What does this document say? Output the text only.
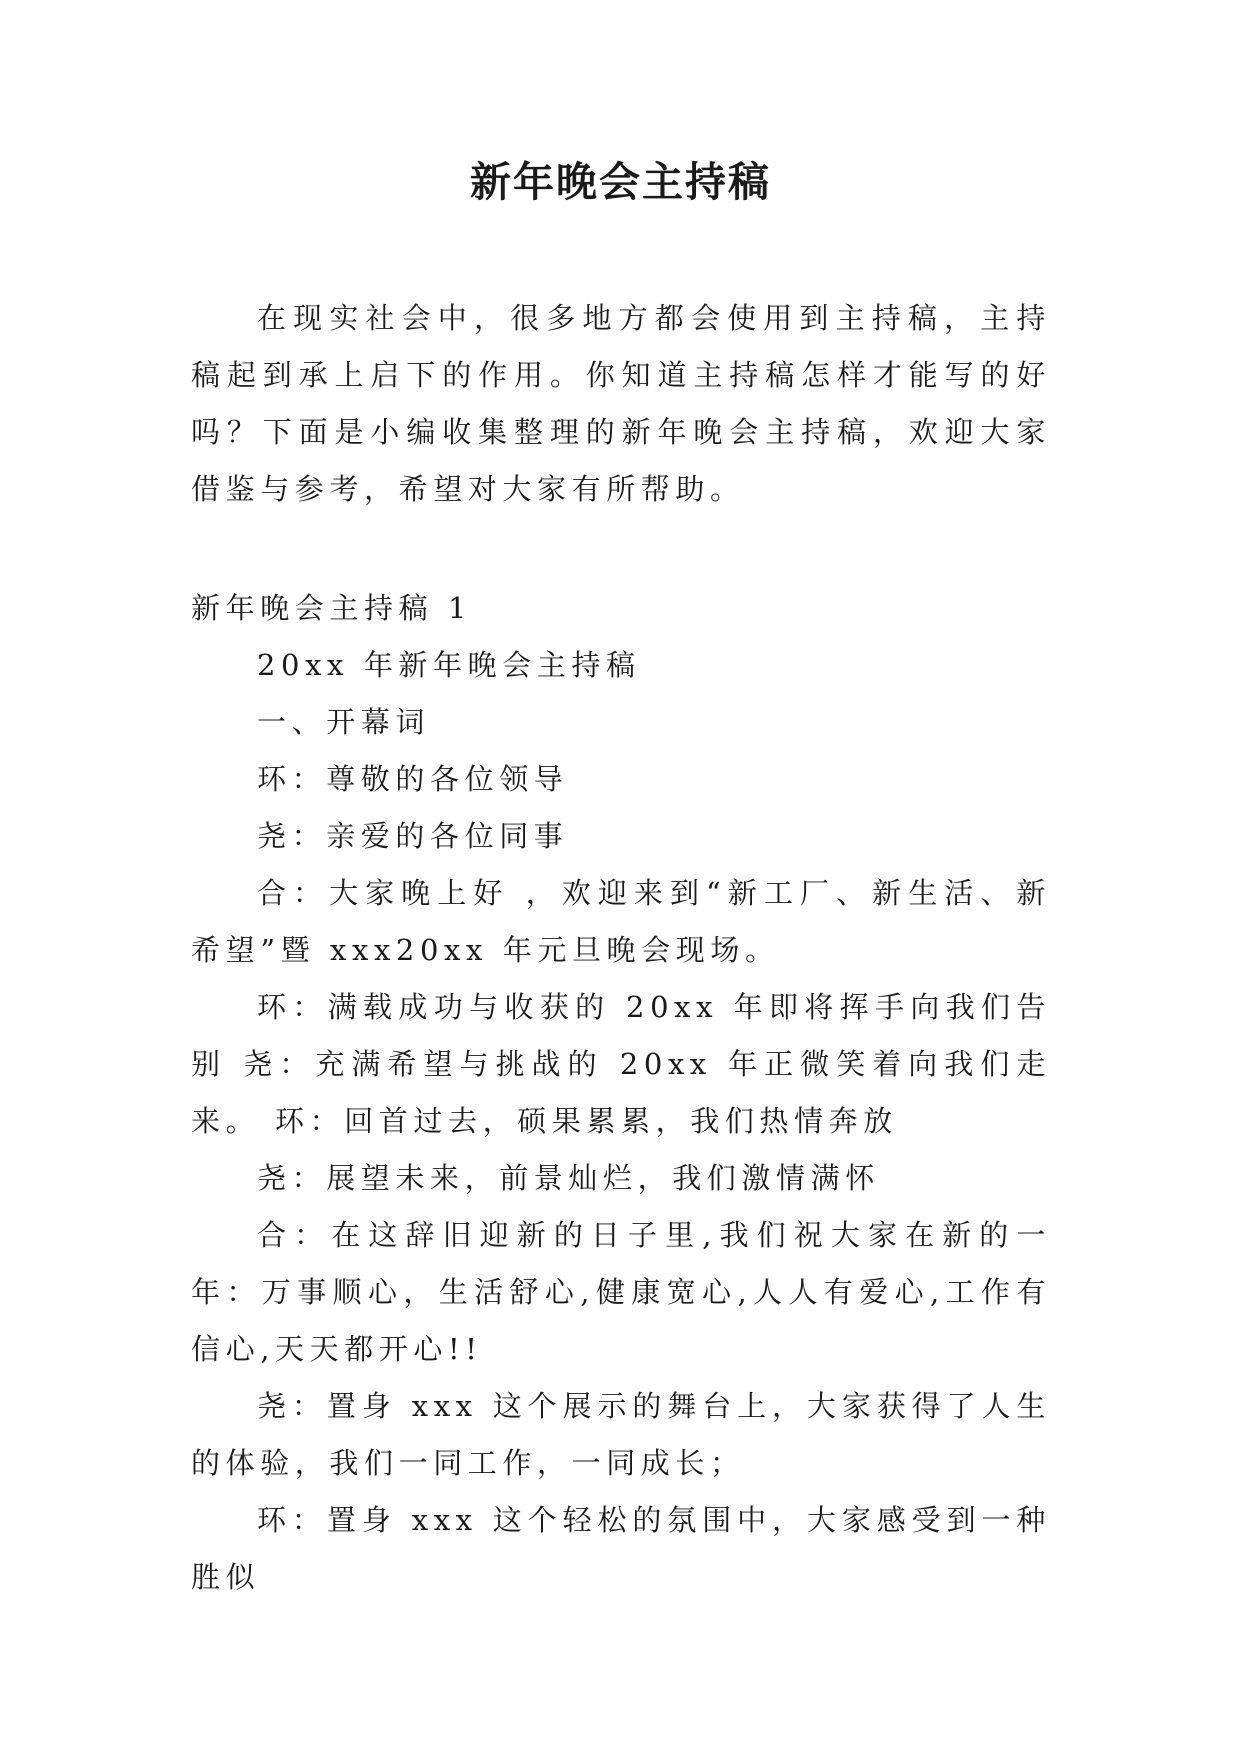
新年晚会主持稿

在现实社会中，很多地方都会使用到主持稿，主持稿起到承上启下的作用。你知道主持稿怎样才能写的好吗？下面是小编收集整理的新年晚会主持稿，欢迎大家借鉴与参考，希望对大家有所帮助。

新年晚会主持稿 1

20xx 年新年晚会主持稿

一、开幕词

环：尊敬的各位领导

尧：亲爱的各位同事

合：大家晚上好 ，欢迎来到“新工厂、新生活、新希望”暨 xxx20xx 年元旦晚会现场。

环：满载成功与收获的 20xx 年即将挥手向我们告别 尧：充满希望与挑战的 20xx 年正微笑着向我们走来。 环：回首过去，硕果累累，我们热情奔放

尧：展望未来，前景灿烂，我们激情满怀

合：在这辞旧迎新的日子里,我们祝大家在新的一年：万事顺心，生活舒心,健康宽心,人人有爱心,工作有信心,天天都开心!!

尧：置身 xxx 这个展示的舞台上，大家获得了人生的体验，我们一同工作，一同成长；

环：置身 xxx 这个轻松的氛围中，大家感受到一种胜似
